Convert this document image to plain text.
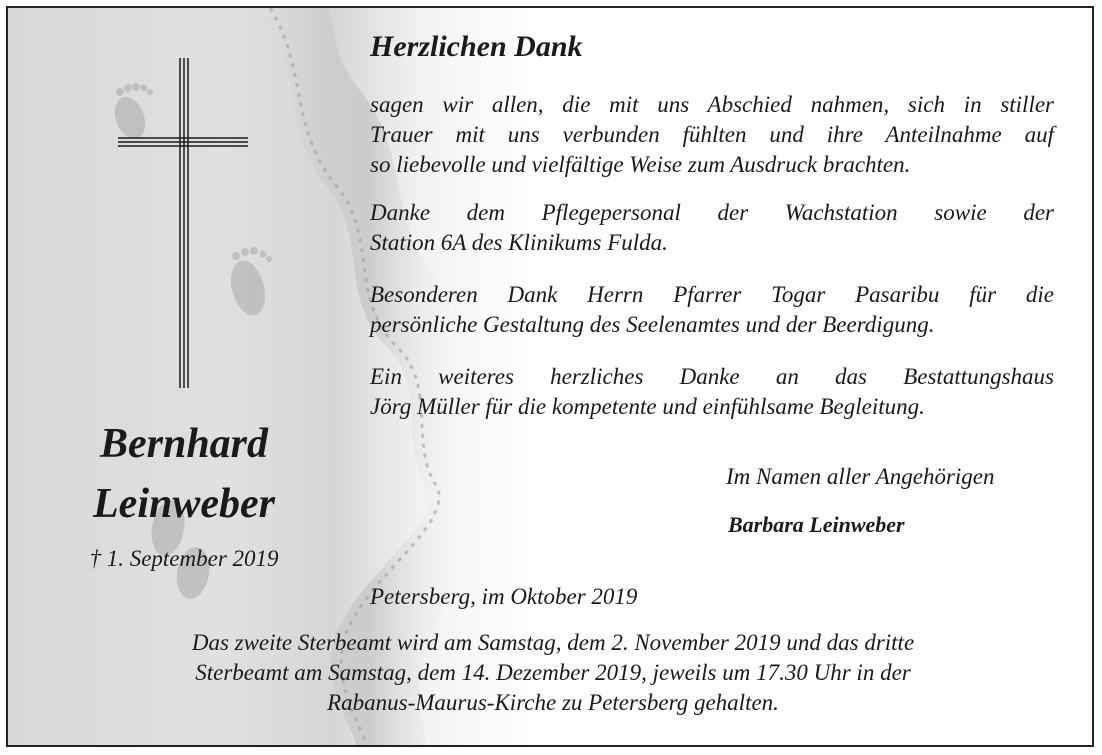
Herzlichen Dank
sagen wir allen, die mit uns Abschied nahmen, sich in stiller
Trauer mit uns verbunden fühlten und ihre Anteilnahme auf
so liebevolle und vielfältige Weise zum Ausdruck brachten.
Danke dem Pflegepersonal der Wachstation sowie der
Station 6A des Klinikums Fulda.
Besonderen Dank Herrn Pfarrer Togar Pasaribu für die
persönliche Gestaltung des Seelenamtes und der Beerdigung.
Ein weiteres herzliches Danke an das Bestattungshaus
Jörg Müller für die kompetente und einfühlsame Begleitung.
Bernhard
Leinweber
† 1. September 2019
Im Namen aller Angehörigen
Barbara Leinweber
Petersberg, im Oktober 2019
Das zweite Sterbeamt wird am Samstag, dem 2. November 2019 und das dritte
Sterbeamt am Samstag, dem 14. Dezember 2019, jeweils um 17.30 Uhr in der
Rabanus-Maurus-Kirche zu Petersberg gehalten.
